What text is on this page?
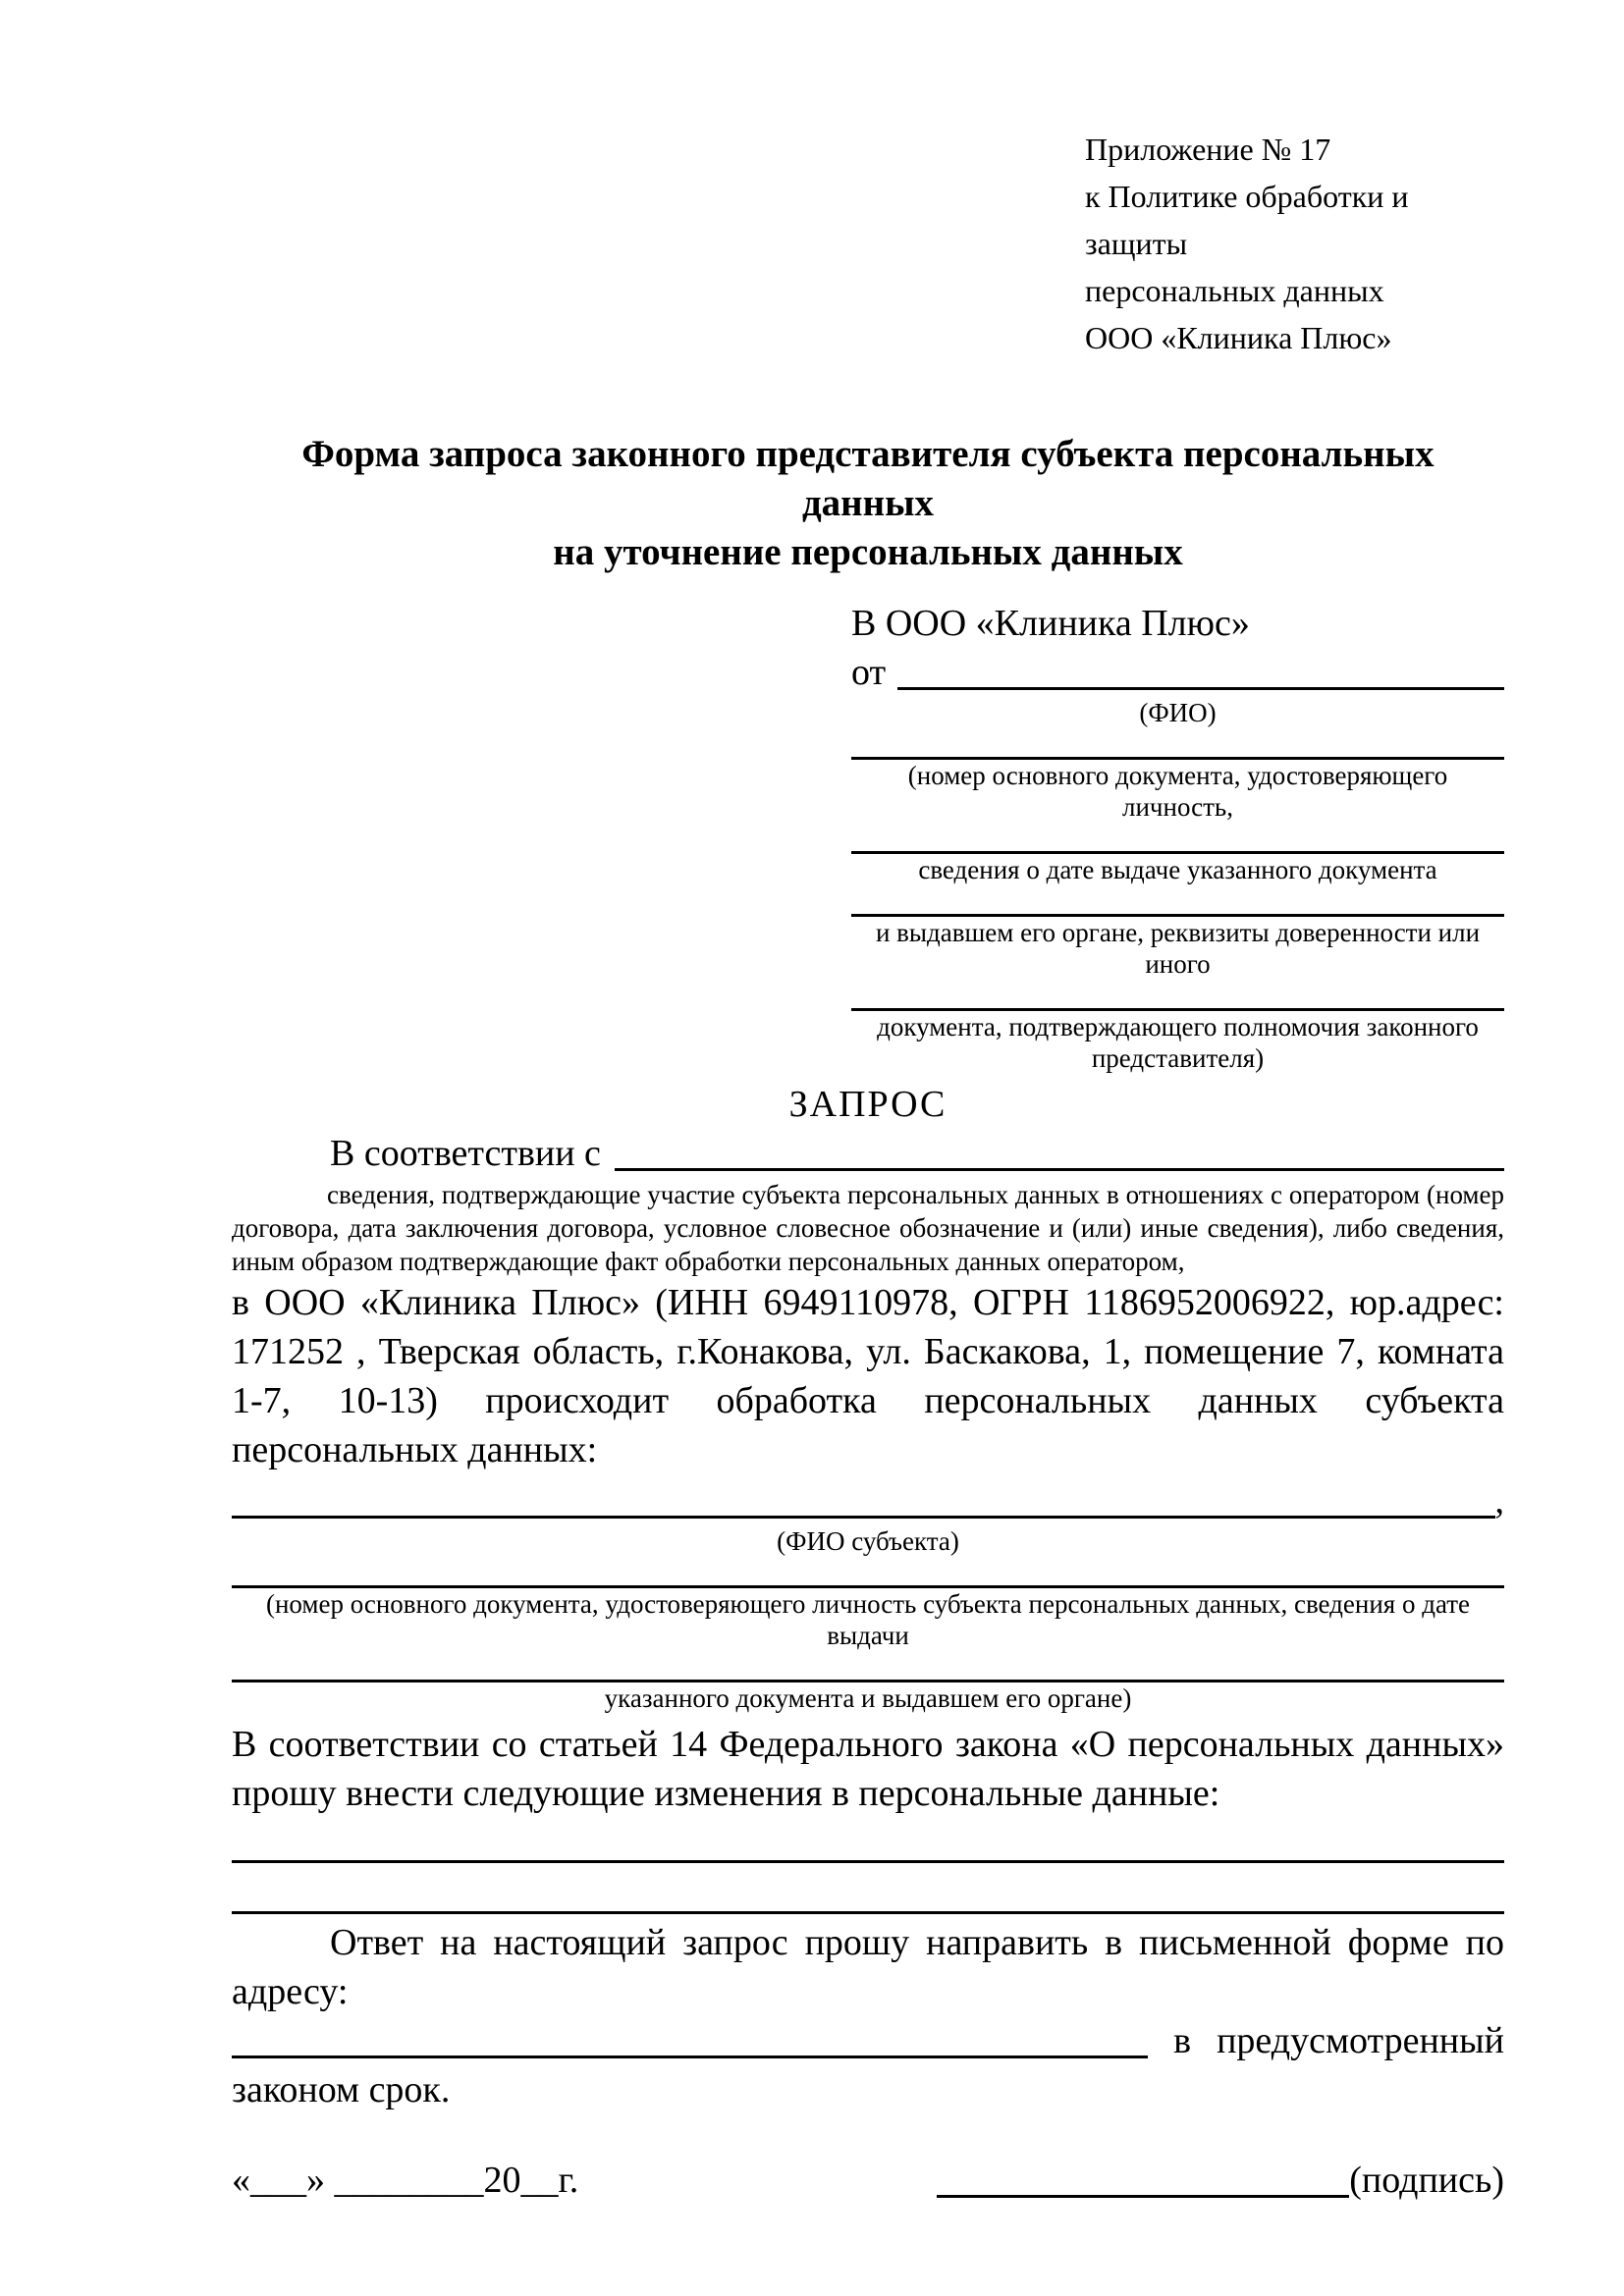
Приложение № 17
к Политике обработки и защиты
персональных данных
ООО «Клиника Плюс»
Форма запроса законного представителя субъекта персональных данных
на уточнение персональных данных
В ООО «Клиника Плюс»
от
(ФИО)
(номер основного документа, удостоверяющего личность,
сведения о дате выдаче указанного документа
и выдавшем его органе, реквизиты доверенности или иного
документа, подтверждающего полномочия законного представителя)
ЗАПРОС
В соответствии с

сведения, подтверждающие участие субъекта персональных данных в отношениях с оператором (номер договора, дата заключения договора, условное словесное обозначение и (или) иные сведения), либо сведения, иным образом подтверждающие факт обработки персональных данных оператором,

в ООО «Клиника Плюс» (ИНН 6949110978, ОГРН 1186952006922, юр.адрес: 171252 , Тверская область, г.Конакова, ул. Баскакова, 1, помещение 7, комната 1-7, 10-13) происходит обработка персональных данных субъекта персональных данных:

,
(ФИО субъекта)
(номер основного документа, удостоверяющего личность субъекта персональных данных, сведения о дате выдачи
указанного документа и выдавшем его органе)

В соответствии со статьей 14 Федерального закона «О персональных данных» прошу внести следующие изменения в персональные данные:

Ответ на настоящий запрос прошу направить в письменной форме по адресу:

в предусмотренный
законом срок.
«___» ________20__г.	(подпись)
